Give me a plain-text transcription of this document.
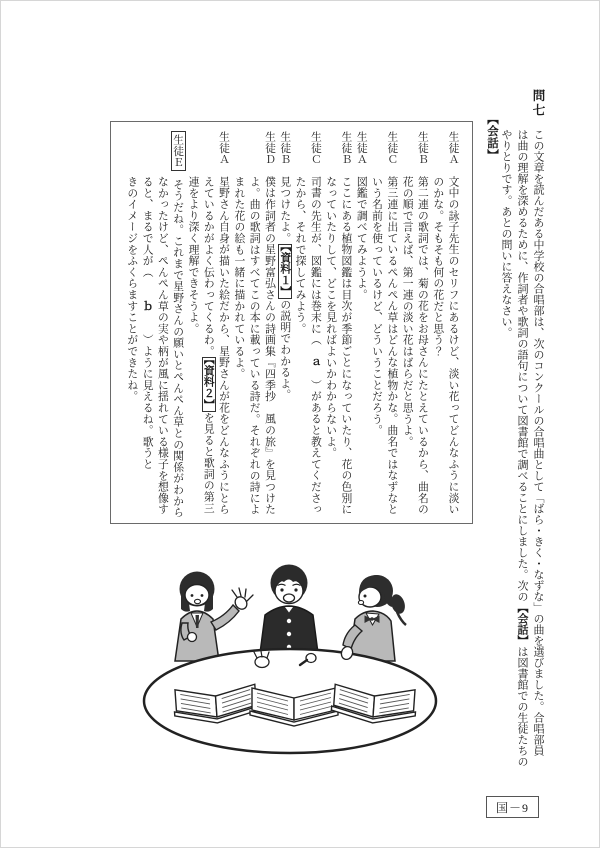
問七この文章を読んだある中学校の合唱部は、次のコンクールの合唱曲として「ばら・きく・なずな」の曲を選びました。合唱部員

は曲の理解を深めるために、作詞者や歌詞の語句について図書館で調べることにしました。次の【会話】は図書館での生徒たちの

やりとりです。あとの問いに答えなさい。

【会話】

生徒Ａ文中の詠子先生のセリフにあるけど、淡い花ってどんなふうに淡い

のかな。そもそも何の花だと思う？

生徒Ｂ第二連の歌詞では、菊の花をお母さんにたとえているから、曲名の

花の順で言えば、第一連の淡い花はばらだと思うよ。

生徒Ｃ第三連に出ているぺんぺん草はどんな植物かな。曲名ではなずなと

いう名前を使っているけど、どういうことだろう。

生徒Ａ図鑑で調べてみようよ。

生徒Ｂここにある植物図鑑は目次が季節ごとになっていたり、花の色別に

なっていたりして、どこを見ればよいかわからないよ。

生徒Ｃ司書の先生が、図鑑には巻末に（　ａ　）があると教えてくださっ

たから、それで探してみよう。

生徒Ｂ見つけたよ。【資料１】の説明でわかるよ。

生徒Ｄ僕は作詞者の星野富弘さんの詩画集『四季抄　風の旅』を見つけた

よ。曲の歌詞はすべてこの本に載っている詩だ。それぞれの詩によ

まれた花の絵も一緒に描かれているよ。

生徒Ａ星野さん自身が描いた絵だから、星野さんが花をどんなふうにとら

えているかがよく伝わってくるわ。【資料２】を見ると歌詞の第三

連をより深く理解できそうよ。

生徒Ｅそうだね。これまで星野さんの願いとぺんぺん草との関係がわから

なかったけど、ぺんぺん草の実や柄が風に揺れている様子を想像す

ると、まるで人が（　　ｂ　　）ように見えるね。歌うと

きのイメージをふくらますことができたね。

国－9
